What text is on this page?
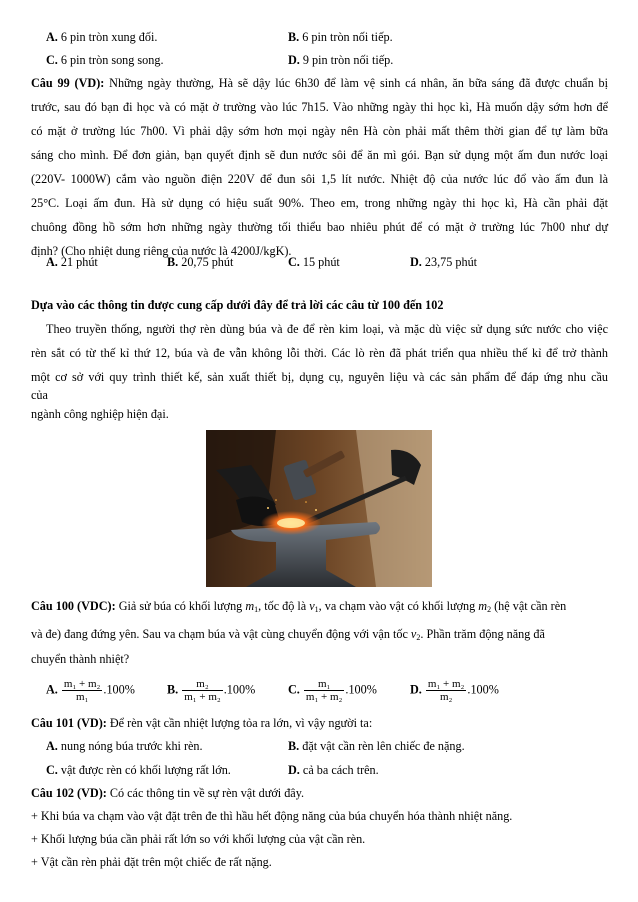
A. 6 pin tròn xung đối.	B. 6 pin tròn nối tiếp.
C. 6 pin tròn song song.	D. 9 pin tròn nối tiếp.
Câu 99 (VD): Những ngày thường, Hà sẽ dậy lúc 6h30 để làm vệ sinh cá nhân, ăn bữa sáng đã được chuẩn bị
trước, sau đó bạn đi học và có mặt ở trường vào lúc 7h15. Vào những ngày thi học kì, Hà muốn dậy sớm hơn để
có mặt ở trường lúc 7h00. Vì phải dậy sớm hơn mọi ngày nên Hà còn phải mất thêm thời gian để tự làm bữa
sáng cho mình. Để đơn giản, bạn quyết định sẽ đun nước sôi để ăn mì gói. Bạn sử dụng một ấm đun nước loại
(220V- 1000W) cắm vào nguồn điện 220V để đun sôi 1,5 lít nước. Nhiệt độ của nước lúc đổ vào ấm đun là
25°C. Loại ấm đun. Hà sử dụng có hiệu suất 90%. Theo em, trong những ngày thi học kì, Hà cần phải đặt
chuông đồng hồ sớm hơn những ngày thường tối thiểu bao nhiêu phút để có mặt ở trường lúc 7h00 như dự
định? (Cho nhiệt dung riêng của nước là 4200J/kgK).
A. 21 phút	B. 20,75 phút	C. 15 phút	D. 23,75 phút
Dựa vào các thông tin được cung cấp dưới đây để trả lời các câu từ 100 đến 102
Theo truyền thống, người thợ rèn dùng búa và đe để rèn kim loại, và mặc dù việc sử dụng sức nước cho việc
rèn sắt có từ thế kỉ thứ 12, búa và đe vẫn không lỗi thời. Các lò rèn đã phát triển qua nhiều thế kỉ để trở thành
một cơ sở với quy trình thiết kế, sản xuất thiết bị, dụng cụ, nguyên liệu và các sản phẩm để đáp ứng nhu cầu
của
ngành công nghiệp hiện đại.
Câu 100 (VDC): Giả sử búa có khối lượng $m_1$, tốc độ là $v_1$, va chạm vào vật có khối lượng $m_2$ (hệ vật cần rèn
và đe) đang đứng yên. Sau va chạm búa và vật cùng chuyển động với vận tốc $v_2$. Phần trăm động năng đã
chuyển thành nhiệt?
A. $\frac{\text{m₁ + m₂}}{\text{m₁}} .100\%$	B. $\frac{\text{m₂}}{\text{m₁ + m₂}} .100\%$	C. $\frac{\text{m₁}}{\text{m₁ + m₂}} .100\%$	D. $\frac{\text{m₁ + m₂}}{\text{m₂}} .100\%$
Câu 101 (VD): Để rèn vật cần nhiệt lượng tỏa ra lớn, vì vậy người ta:
A. nung nóng búa trước khi rèn.	B. đặt vật cần rèn lên chiếc đe nặng.
C. vật được rèn có khối lượng rất lớn.	D. cả ba cách trên.
Câu 102 (VD): Có các thông tin về sự rèn vật dưới đây.
+ Khi búa va chạm vào vật đặt trên đe thì hầu hết động năng của búa chuyển hóa thành nhiệt năng.
+ Khối lượng búa cần phải rất lớn so với khối lượng của vật cần rèn.
+ Vật cần rèn phải đặt trên một chiếc đe rất nặng.
